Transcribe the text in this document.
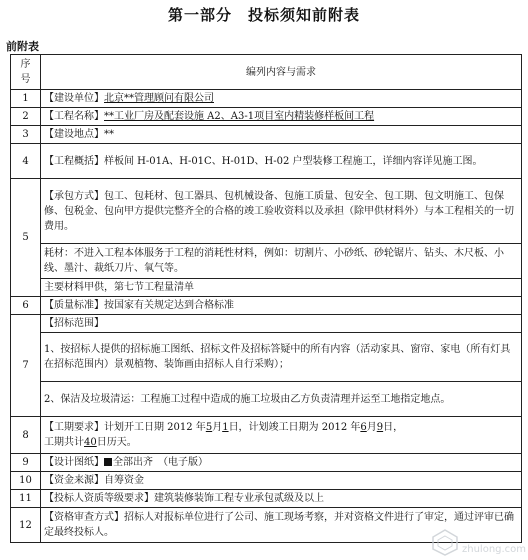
第一部分　投标须知前附表
前附表
序
号	编列内容与需求
1	【建设单位】北京**管理顾问有限公司
2	【工程名称】**工业厂房及配套设施 A2、A3-1项目室内精装修样板间工程
3	【建设地点】**
4	【工程概括】样板间 H-01A、H-01C、H-01D、H-02 户型装修工程施工，详细内容详见施工图。
5	【承包方式】包工、包耗材、包工器具、包机械设备、包施工质量、包安全、包工期、包文明施工、包保修、包税金、包向甲方提供完整齐全的合格的竣工验收资料以及承担（除甲供材料外）与本工程相关的一切费用。
	耗材：不进入工程本体服务于工程的消耗性材料，例如：切割片、小砂纸、砂轮锯片、钻头、木尺板、小线、墨汁、裁纸刀片、氧气等。
	主要材料甲供，第七节工程量清单
6	【质量标准】按国家有关规定达到合格标准
7	【招标范围】
	1、按招标人提供的招标施工图纸、招标文件及招标答疑中的所有内容（活动家具、窗帘、家电（所有灯具在招标范围内）景观植物、装饰画由招标人自行采购）；
	2、保洁及垃圾清运：工程施工过程中造成的施工垃圾由乙方负责清理并运至工地指定地点。
8	【工期要求】计划开工日期 2012 年5月1日，计划竣工日期为 2012 年6月9日，
工期共计40日历天。
9	【设计图纸】 全部出齐　（电子版）
10	【资金来源】自筹资金
11	【投标人资质等级要求】建筑装修装饰工程专业承包贰级及以上
12	【资格审查方式】招标人对报标单位进行了公司、施工现场考察，并对资格文件进行了审定，通过评审已确定最终投标人。
zhulong.com
